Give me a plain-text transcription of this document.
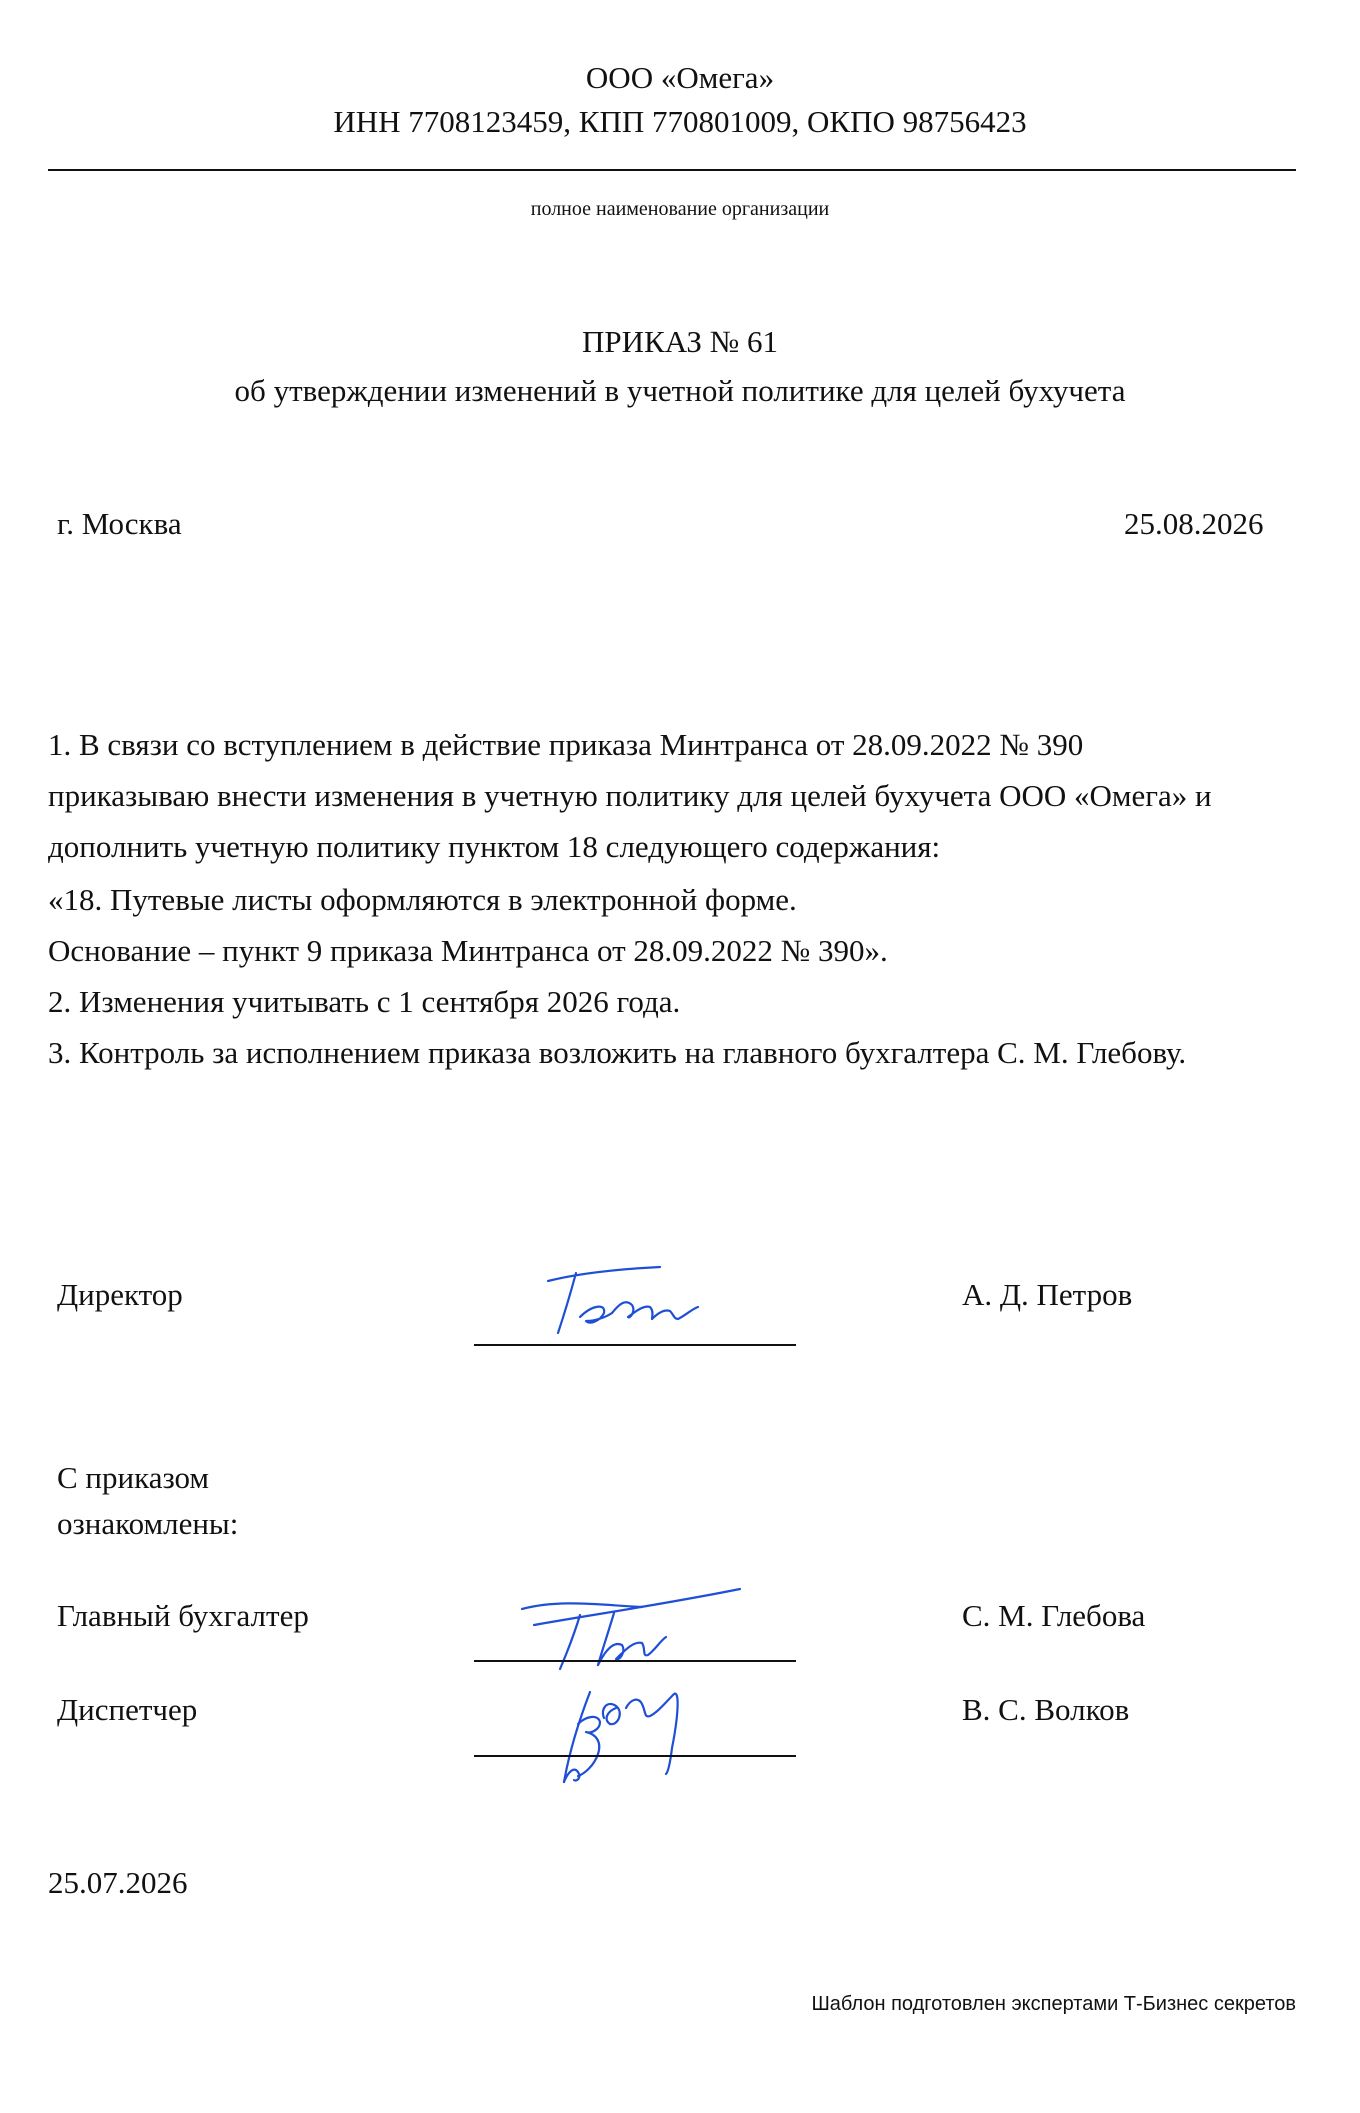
ООО «Омега»
ИНН 7708123459, КПП 770801009, ОКПО 98756423
полное наименование организации
ПРИКАЗ № 61
об утверждении изменений в учетной политике для целей бухучета
г. Москва	25.08.2026

1. В связи со вступлением в действие приказа Минтранса от 28.09.2022 № 390

приказываю внести изменения в учетную политику для целей бухучета ООО «Омега» и

дополнить учетную политику пунктом 18 следующего содержания:

«18. Путевые листы оформляются в электронной форме.

Основание – пункт 9 приказа Минтранса от 28.09.2022 № 390».

2. Изменения учитывать с 1 сентября 2026 года.

3. Контроль за исполнением приказа возложить на главного бухгалтера С. М. Глебову.

Директор	А. Д. Петров
С приказом
ознакомлены:
Главный бухгалтер	С. М. Глебова
Диспетчер	В. С. Волков
25.07.2026
Шаблон подготовлен экспертами Т-Бизнес секретов
